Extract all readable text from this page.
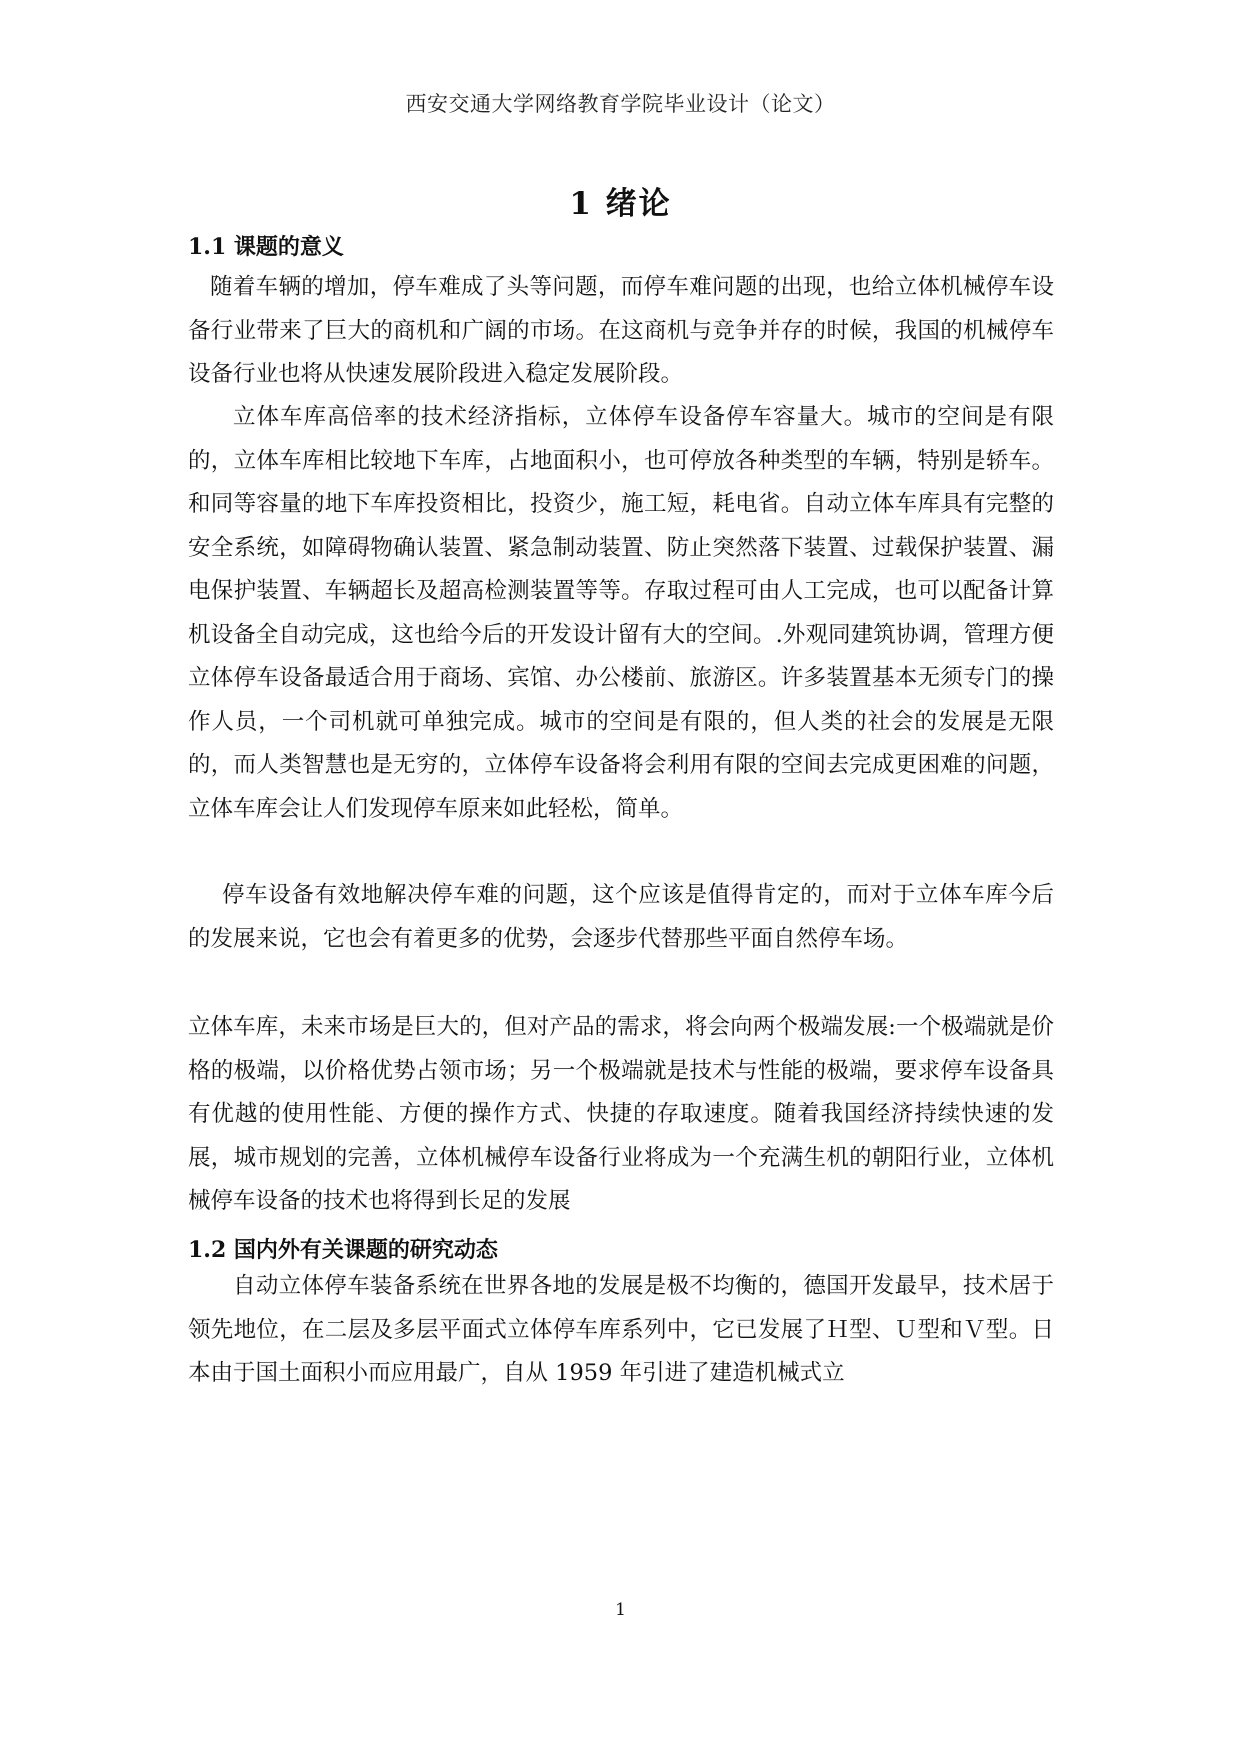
西安交通大学网络教育学院毕业设计（论文）
1 绪论
1.1 课题的意义

随着车辆的增加，停车难成了头等问题，而停车难问题的出现，也给立体机械停车设备行业带来了巨大的商机和广阔的市场。在这商机与竞争并存的时候，我国的机械停车设备行业也将从快速发展阶段进入稳定发展阶段。

立体车库高倍率的技术经济指标，立体停车设备停车容量大。城市的空间是有限的，立体车库相比较地下车库，占地面积小，也可停放各种类型的车辆，特别是轿车。和同等容量的地下车库投资相比，投资少，施工短，耗电省。自动立体车库具有完整的安全系统，如障碍物确认装置、紧急制动装置、防止突然落下装置、过载保护装置、漏电保护装置、车辆超长及超高检测装置等等。存取过程可由人工完成，也可以配备计算机设备全自动完成，这也给今后的开发设计留有大的空间。.外观同建筑协调，管理方便立体停车设备最适合用于商场、宾馆、办公楼前、旅游区。许多装置基本无须专门的操作人员，一个司机就可单独完成。城市的空间是有限的，但人类的社会的发展是无限的，而人类智慧也是无穷的，立体停车设备将会利用有限的空间去完成更困难的问题，立体车库会让人们发现停车原来如此轻松，简单。

停车设备有效地解决停车难的问题，这个应该是值得肯定的，而对于立体车库今后的发展来说，它也会有着更多的优势，会逐步代替那些平面自然停车场。

立体车库，未来市场是巨大的，但对产品的需求，将会向两个极端发展:一个极端就是价格的极端，以价格优势占领市场；另一个极端就是技术与性能的极端，要求停车设备具有优越的使用性能、方便的操作方式、快捷的存取速度。随着我国经济持续快速的发展，城市规划的完善，立体机械停车设备行业将成为一个充满生机的朝阳行业，立体机械停车设备的技术也将得到长足的发展

1.2 国内外有关课题的研究动态

自动立体停车装备系统在世界各地的发展是极不均衡的，德国开发最早，技术居于领先地位，在二层及多层平面式立体停车库系列中，它已发展了Ｈ型、Ｕ型和Ｖ型。日本由于国土面积小而应用最广，自从 1959 年引进了建造机械式立

1
